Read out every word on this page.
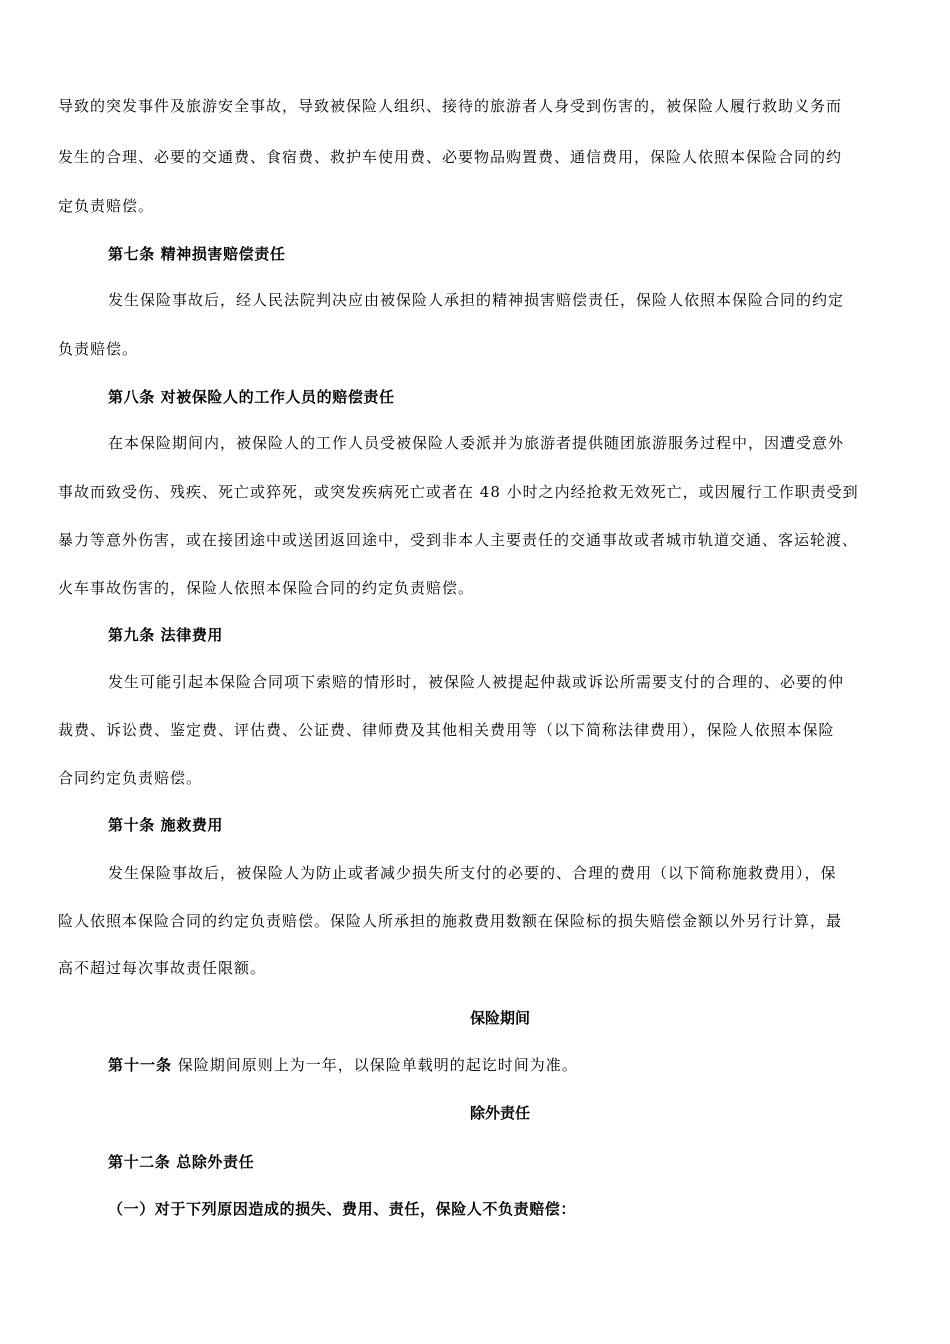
导致的突发事件及旅游安全事故，导致被保险人组织、接待的旅游者人身受到伤害的，被保险人履行救助义务而
发生的合理、必要的交通费、食宿费、救护车使用费、必要物品购置费、通信费用，保险人依照本保险合同的约
定负责赔偿。
第七条 精神损害赔偿责任
发生保险事故后，经人民法院判决应由被保险人承担的精神损害赔偿责任，保险人依照本保险合同的约定
负责赔偿。
第八条 对被保险人的工作人员的赔偿责任
在本保险期间内，被保险人的工作人员受被保险人委派并为旅游者提供随团旅游服务过程中，因遭受意外
事故而致受伤、残疾、死亡或猝死，或突发疾病死亡或者在 48 小时之内经抢救无效死亡，或因履行工作职责受到
暴力等意外伤害，或在接团途中或送团返回途中，受到非本人主要责任的交通事故或者城市轨道交通、客运轮渡、
火车事故伤害的，保险人依照本保险合同的约定负责赔偿。
第九条 法律费用
发生可能引起本保险合同项下索赔的情形时，被保险人被提起仲裁或诉讼所需要支付的合理的、必要的仲
裁费、诉讼费、鉴定费、评估费、公证费、律师费及其他相关费用等（以下简称法律费用），保险人依照本保险
合同约定负责赔偿。
第十条 施救费用
发生保险事故后，被保险人为防止或者减少损失所支付的必要的、合理的费用（以下简称施救费用），保
险人依照本保险合同的约定负责赔偿。保险人所承担的施救费用数额在保险标的损失赔偿金额以外另行计算，最
高不超过每次事故责任限额。
保险期间
第十一条 保险期间原则上为一年，以保险单载明的起讫时间为准。
除外责任
第十二条 总除外责任
（一）对于下列原因造成的损失、费用、责任，保险人不负责赔偿：
